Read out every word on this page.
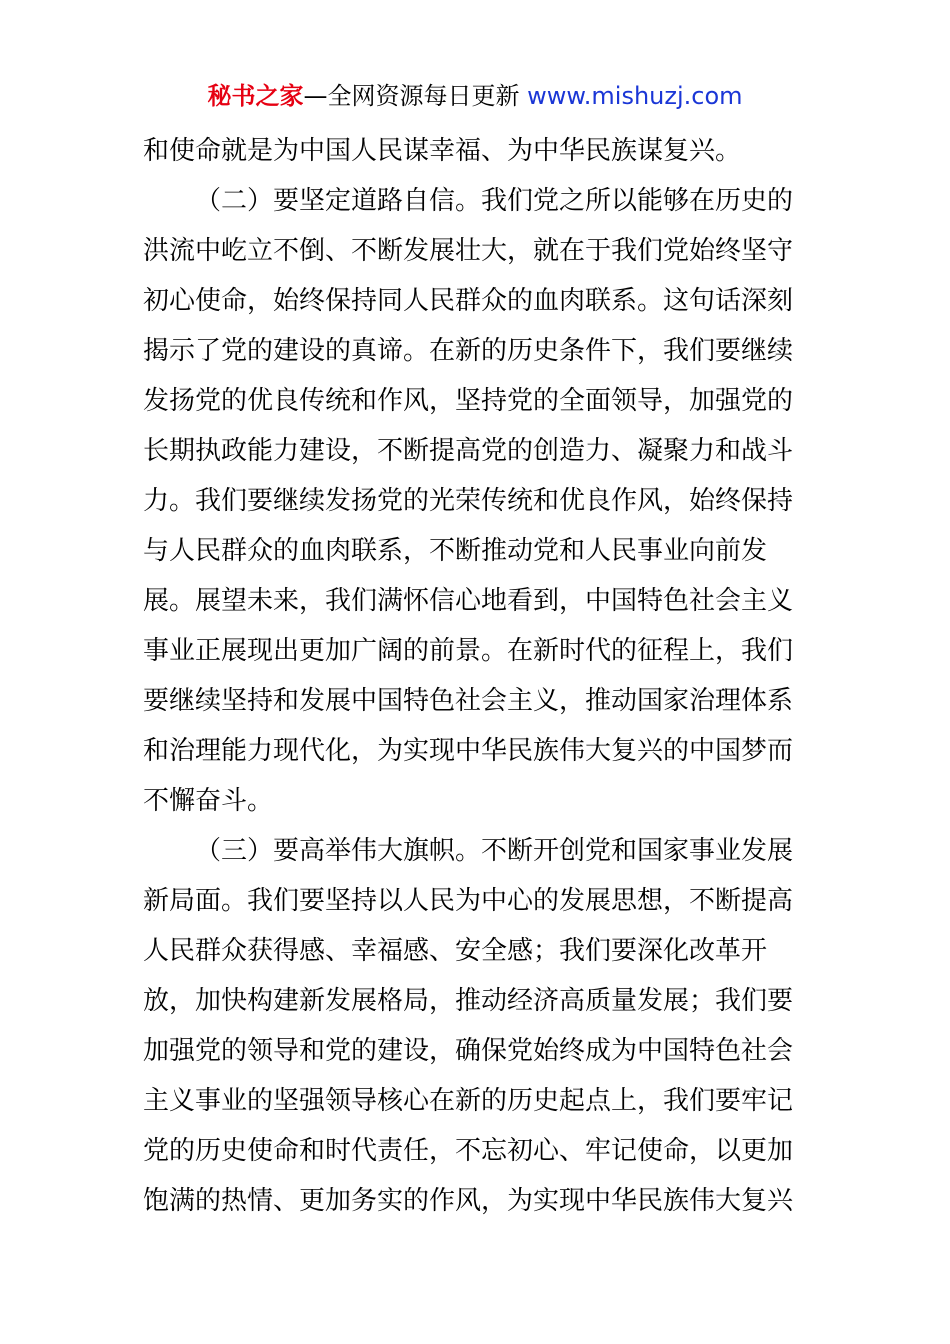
秘书之家—全网资源每日更新 www.mishuzj.com
和使命就是为中国人民谋幸福、为中华民族谋复兴。
（二）要坚定道路自信。我们党之所以能够在历史的
洪流中屹立不倒、不断发展壮大，就在于我们党始终坚守
初心使命，始终保持同人民群众的血肉联系。这句话深刻
揭示了党的建设的真谛。在新的历史条件下，我们要继续
发扬党的优良传统和作风，坚持党的全面领导，加强党的
长期执政能力建设，不断提高党的创造力、凝聚力和战斗
力。我们要继续发扬党的光荣传统和优良作风，始终保持
与人民群众的血肉联系，不断推动党和人民事业向前发
展。展望未来，我们满怀信心地看到，中国特色社会主义
事业正展现出更加广阔的前景。在新时代的征程上，我们
要继续坚持和发展中国特色社会主义，推动国家治理体系
和治理能力现代化，为实现中华民族伟大复兴的中国梦而
不懈奋斗。
（三）要高举伟大旗帜。不断开创党和国家事业发展
新局面。我们要坚持以人民为中心的发展思想，不断提高
人民群众获得感、幸福感、安全感；我们要深化改革开
放，加快构建新发展格局，推动经济高质量发展；我们要
加强党的领导和党的建设，确保党始终成为中国特色社会
主义事业的坚强领导核心在新的历史起点上，我们要牢记
党的历史使命和时代责任，不忘初心、牢记使命，以更加
饱满的热情、更加务实的作风，为实现中华民族伟大复兴
